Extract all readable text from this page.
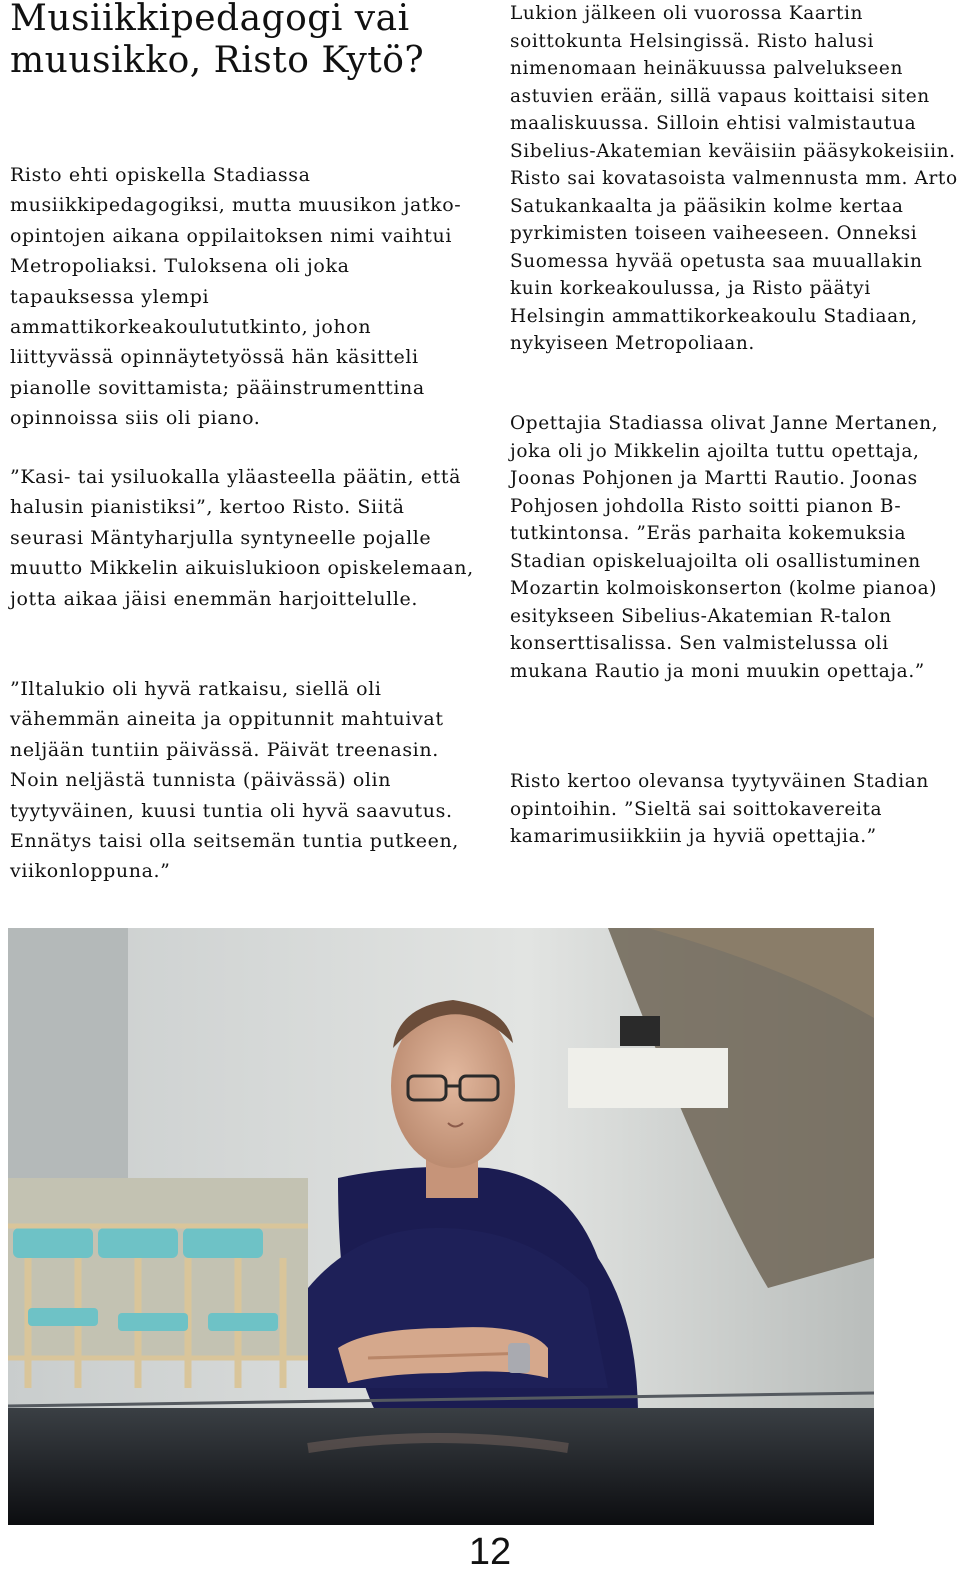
Musiikkipedagogi vai muusikko, Risto Kytö?

Risto ehti opiskella Stadiassa musiikkipedagogiksi, mutta muusikon jatko-opintojen aikana oppilaitoksen nimi vaihtui Metropoliaksi. Tuloksena oli joka tapauksessa ylempi ammattikorkeakoulututkinto, johon liittyvässä opinnäytetyössä hän käsitteli pianolle sovittamista; pääinstrumenttina opinnoissa siis oli piano.

”Kasi- tai ysiluokalla yläasteella päätin, että halusin pianistiksi”, kertoo Risto. Siitä seurasi Mäntyharjulla syntyneelle pojalle muutto Mikkelin aikuislukioon opiskelemaan, jotta aikaa jäisi enemmän harjoittelulle.

”Iltalukio oli hyvä ratkaisu, siellä oli vähemmän aineita ja oppitunnit mahtuivat neljään tuntiin päivässä. Päivät treenasin. Noin neljästä tunnista (päivässä) olin tyytyväinen, kuusi tuntia oli hyvä saavutus. Ennätys taisi olla seitsemän tuntia putkeen, viikonloppuna.”

Lukion jälkeen oli vuorossa Kaartin soittokunta Helsingissä. Risto halusi nimenomaan heinäkuussa palvelukseen astuvien erään, sillä vapaus koittaisi siten maaliskuussa. Silloin ehtisi valmistautua Sibelius-Akatemian keväisiin pääsykokeisiin. Risto sai kovatasoista valmennusta mm. Arto Satukankaalta ja pääsikin kolme kertaa pyrkimisten toiseen vaiheeseen. Onneksi Suomessa hyvää opetusta saa muuallakin kuin korkeakoulussa, ja Risto päätyi Helsingin ammattikorkeakoulu Stadiaan, nykyiseen Metropoliaan.

Opettajia Stadiassa olivat Janne Mertanen, joka oli jo Mikkelin ajoilta tuttu opettaja, Joonas Pohjonen ja Martti Rautio. Joonas Pohjosen johdolla Risto soitti pianon B-tutkintonsa. ”Eräs parhaita kokemuksia Stadian opiskeluajoilta oli osallistuminen Mozartin kolmoiskonserton (kolme pianoa) esitykseen Sibelius-Akatemian R-talon konserttisalissa. Sen valmistelussa oli mukana Rautio ja moni muukin opettaja.”

Risto kertoo olevansa tyytyväinen Stadian opintoihin. ”Sieltä sai soittokavereita kamarimusiikkiin ja hyviä opettajia.”

12
